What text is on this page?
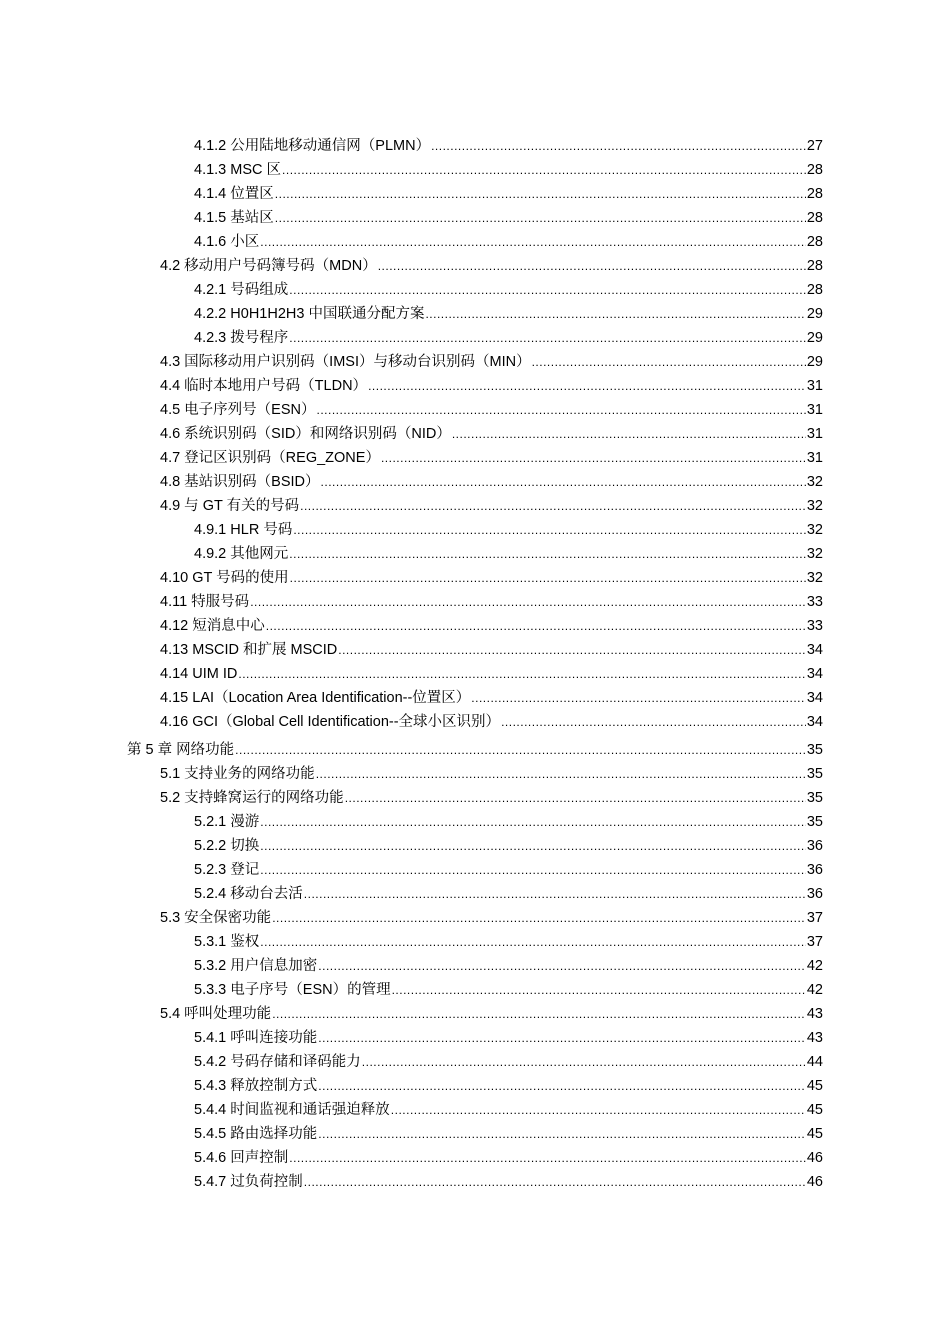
4.1.2 公用陆地移动通信网（PLMN） .....	27
4.1.3 MSC 区 .....	28
4.1.4 位置区 .....	28
4.1.5 基站区 .....	28
4.1.6 小区 .....	28
4.2 移动用户号码簿号码（MDN） .....	28
4.2.1 号码组成 .....	28
4.2.2 H0H1H2H3 中国联通分配方案 .....	29
4.2.3 拨号程序 .....	29
4.3 国际移动用户识别码（IMSI）与移动台识别码（MIN） .....	29
4.4 临时本地用户号码（TLDN） .....	31
4.5 电子序列号（ESN） .....	31
4.6 系统识别码（SID）和网络识别码（NID） .....	31
4.7 登记区识别码（REG_ZONE） .....	31
4.8 基站识别码（BSID） .....	32
4.9 与 GT 有关的号码 .....	32
4.9.1 HLR 号码 .....	32
4.9.2 其他网元 .....	32
4.10 GT 号码的使用 .....	32
4.11 特服号码 .....	33
4.12 短消息中心 .....	33
4.13 MSCID 和扩展 MSCID .....	34
4.14 UIM ID .....	34
4.15 LAI（Location Area Identification--位置区） .....	34
4.16 GCI（Global Cell Identification--全球小区识别） .....	34
第 5 章 网络功能 .....	35
5.1 支持业务的网络功能 .....	35
5.2 支持蜂窝运行的网络功能 .....	35
5.2.1 漫游 .....	35
5.2.2 切换 .....	36
5.2.3 登记 .....	36
5.2.4 移动台去活 .....	36
5.3 安全保密功能 .....	37
5.3.1 鉴权 .....	37
5.3.2 用户信息加密 .....	42
5.3.3 电子序号（ESN）的管理 .....	42
5.4 呼叫处理功能 .....	43
5.4.1 呼叫连接功能 .....	43
5.4.2 号码存储和译码能力 .....	44
5.4.3 释放控制方式 .....	45
5.4.4 时间监视和通话强迫释放 .....	45
5.4.5 路由选择功能 .....	45
5.4.6 回声控制 .....	46
5.4.7 过负荷控制 .....	46
